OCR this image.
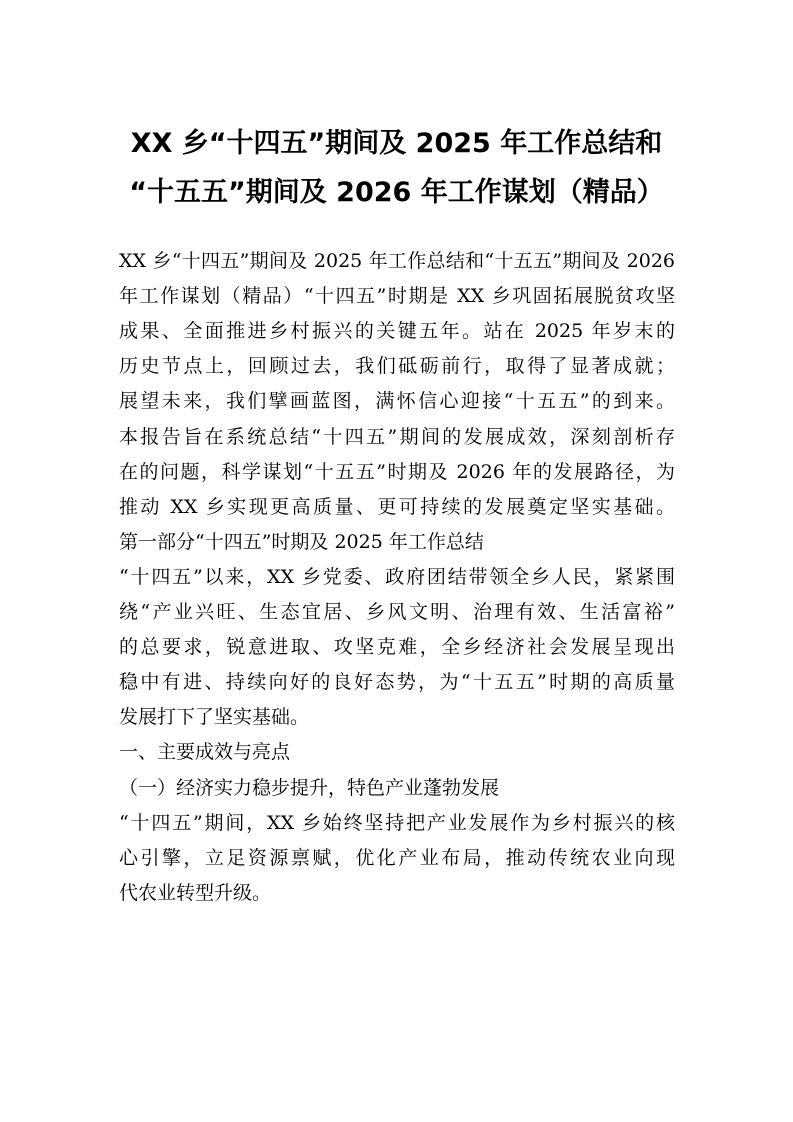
XX 乡“十四五”期间及 2025 年工作总结和
“十五五”期间及 2026 年工作谋划（精品）

XX 乡“十四五”期间及 2025 年工作总结和“十五五”期间及 2026

年工作谋划（精品）“十四五”时期是 XX 乡巩固拓展脱贫攻坚

成果、全面推进乡村振兴的关键五年。站在 2025 年岁末的

历史节点上，回顾过去，我们砥砺前行，取得了显著成就；

展望未来，我们擘画蓝图，满怀信心迎接“十五五”的到来。

本报告旨在系统总结“十四五”期间的发展成效，深刻剖析存

在的问题，科学谋划“十五五”时期及 2026 年的发展路径，为

推动 XX 乡实现更高质量、更可持续的发展奠定坚实基础。

第一部分“十四五”时期及 2025 年工作总结

“十四五”以来，XX 乡党委、政府团结带领全乡人民，紧紧围

绕“产业兴旺、生态宜居、乡风文明、治理有效、生活富裕”

的总要求，锐意进取、攻坚克难，全乡经济社会发展呈现出

稳中有进、持续向好的良好态势，为“十五五”时期的高质量

发展打下了坚实基础。

一、主要成效与亮点

（一）经济实力稳步提升，特色产业蓬勃发展

“十四五”期间，XX 乡始终坚持把产业发展作为乡村振兴的核

心引擎，立足资源禀赋，优化产业布局，推动传统农业向现

代农业转型升级。
